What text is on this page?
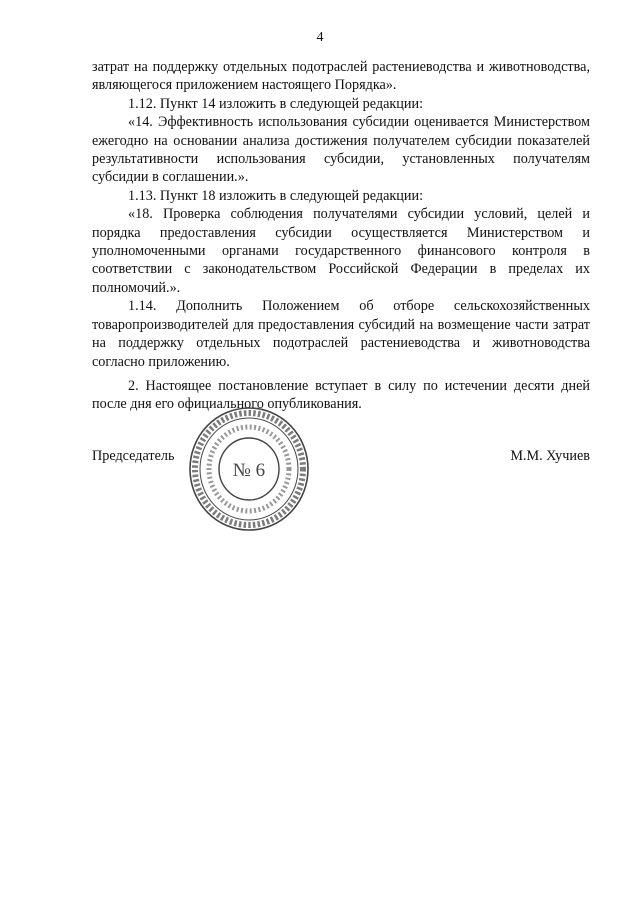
4

затрат на поддержку отдельных подотраслей растениеводства и животноводства, являющегося приложением настоящего Порядка».

1.12. Пункт 14 изложить в следующей редакции:

«14. Эффективность использования субсидии оценивается Министерством ежегодно на основании анализа достижения получателем субсидии показателей результативности использования субсидии, установленных получателям субсидии в соглашении.».

1.13. Пункт 18 изложить в следующей редакции:

«18. Проверка соблюдения получателями субсидии условий, целей и порядка предоставления субсидии осуществляется Министерством и уполномоченными органами государственного финансового контроля в соответствии с законодательством Российской Федерации в пределах их полномочий.».

1.14. Дополнить Положением об отборе сельскохозяйственных товаропроизводителей для предоставления субсидий на возмещение части затрат на поддержку отдельных подотраслей растениеводства и животноводства согласно приложению.

2. Настоящее постановление вступает в силу по истечении десяти дней после дня его официального опубликования.

Председатель	М.М. Хучиев
№ 6
